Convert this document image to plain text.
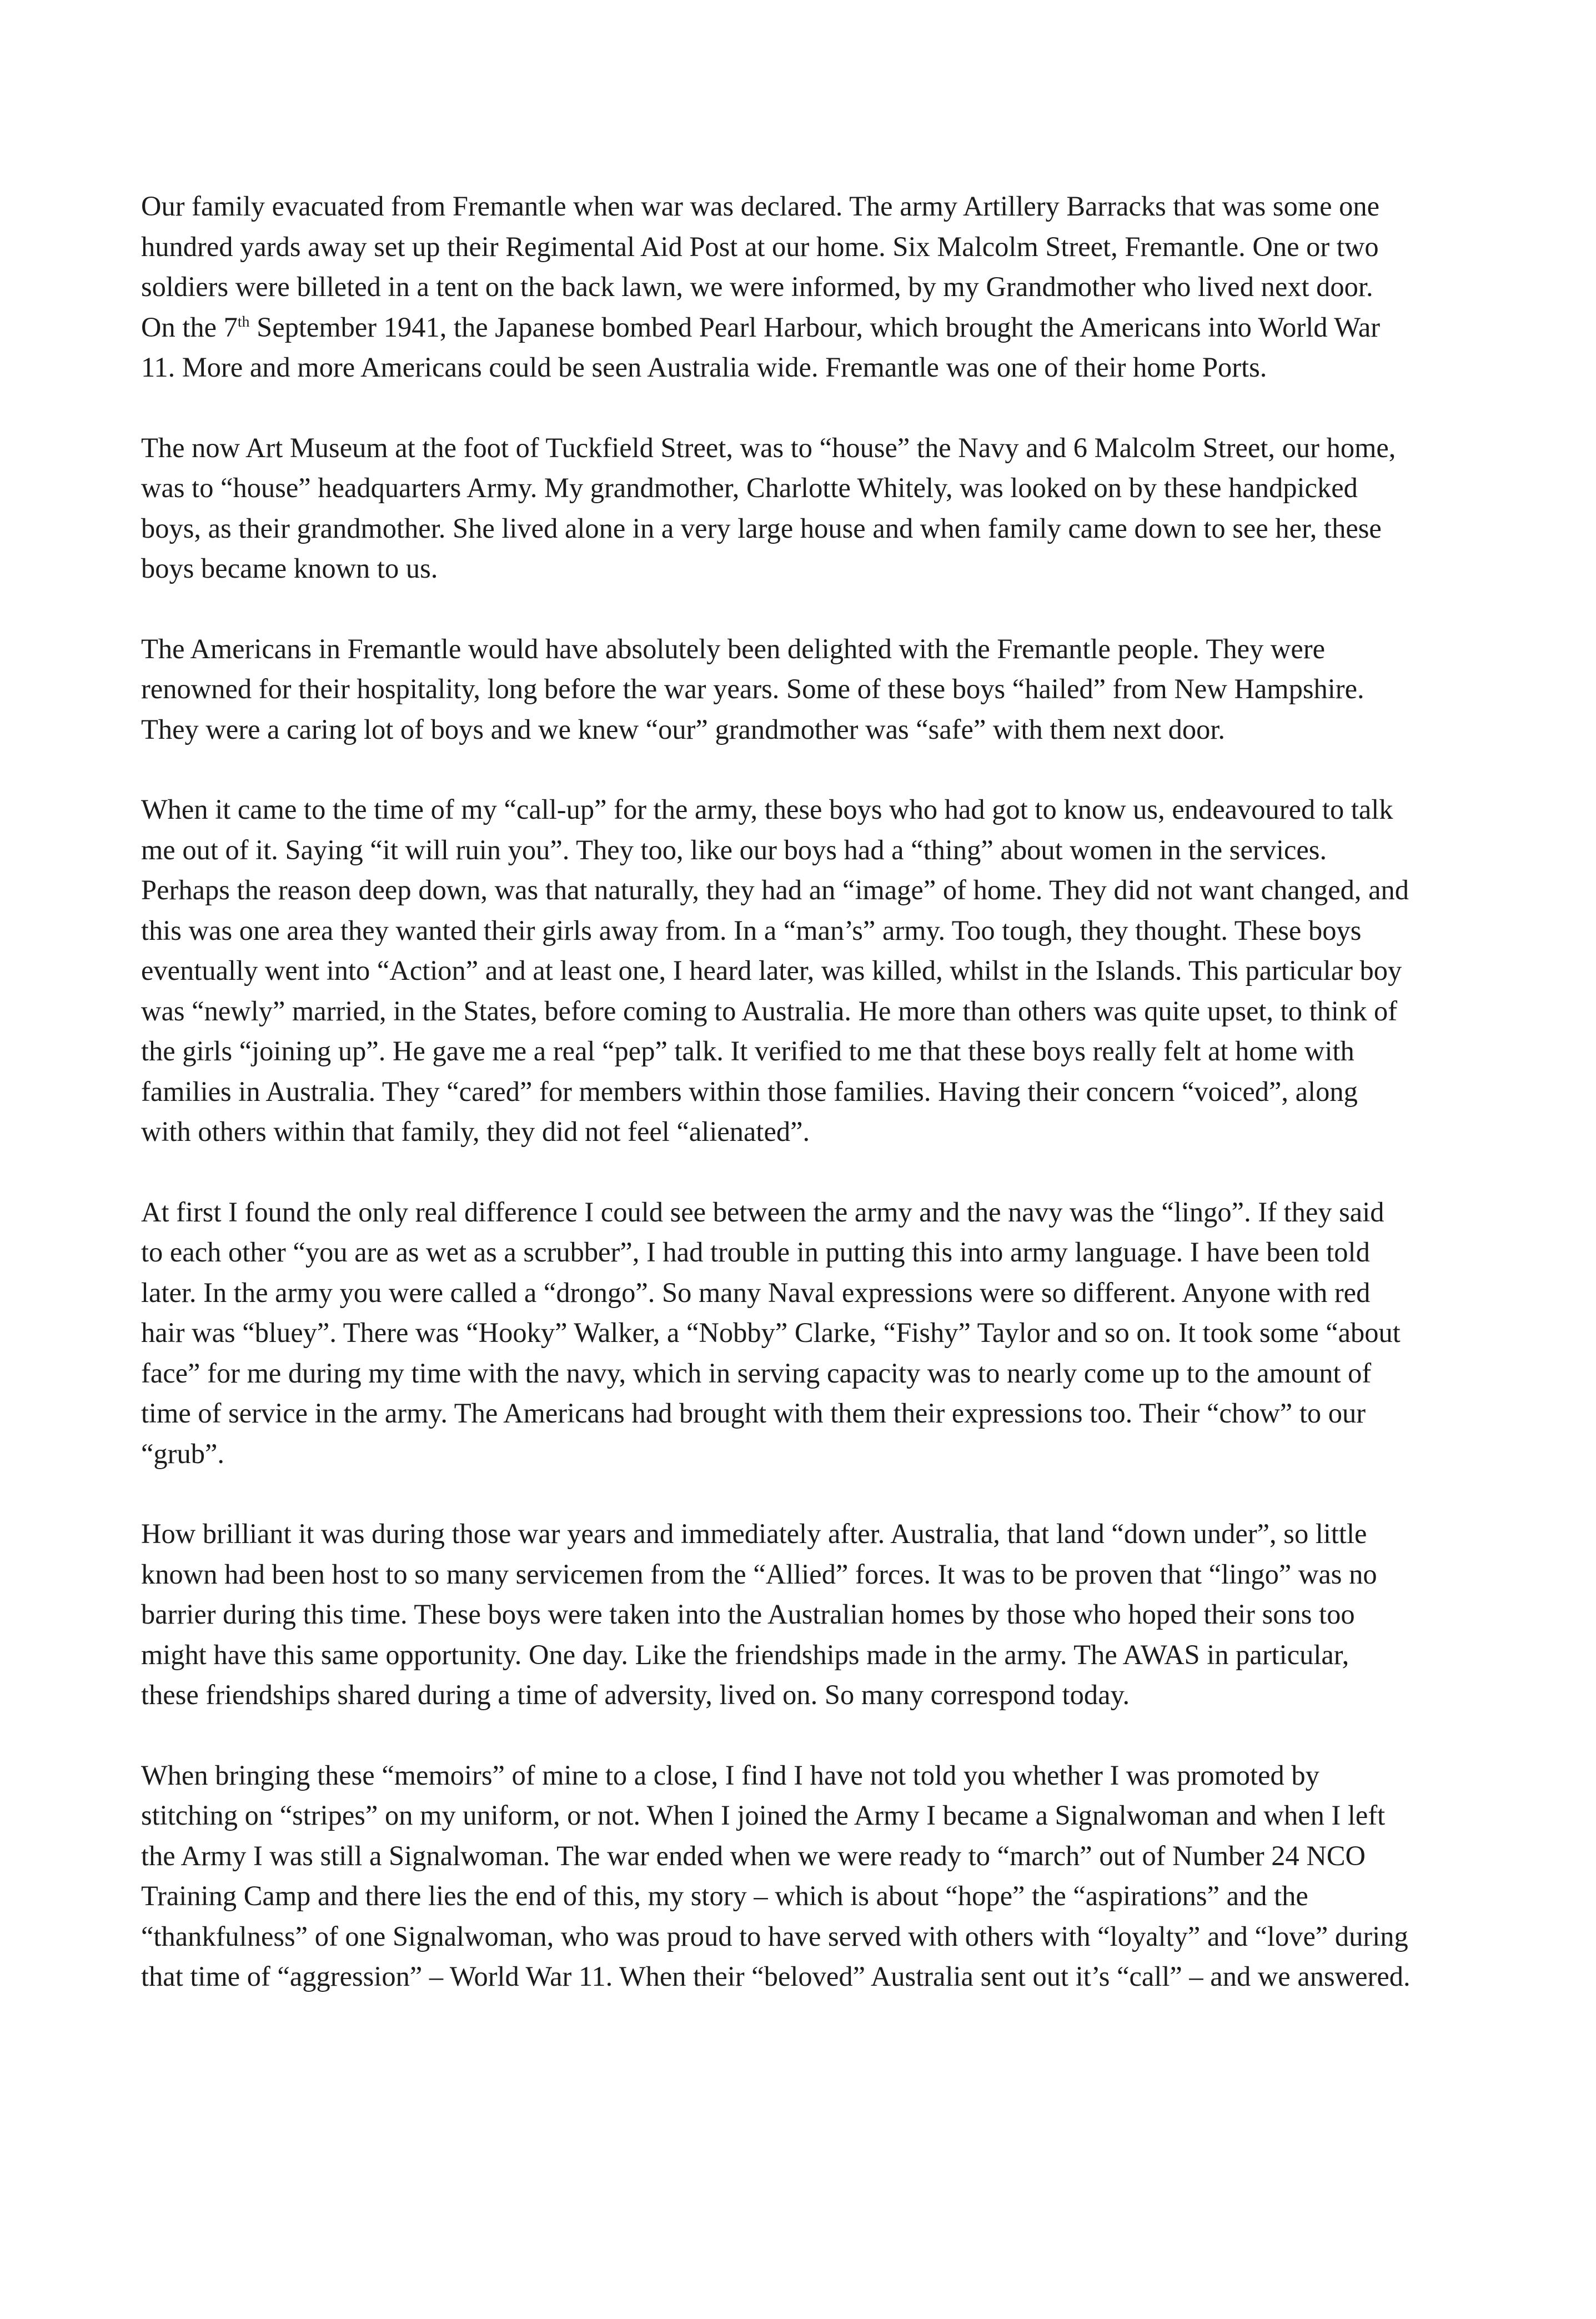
Our family evacuated from Fremantle when war was declared. The army Artillery Barracks that was some one hundred yards away set up their Regimental Aid Post at our home. Six Malcolm Street, Fremantle. One or two soldiers were billeted in a tent on the back lawn, we were informed, by my Grandmother who lived next door. On the 7th September 1941, the Japanese bombed Pearl Harbour, which brought the Americans into World War 11. More and more Americans could be seen Australia wide. Fremantle was one of their home Ports.

The now Art Museum at the foot of Tuckfield Street, was to “house” the Navy and 6 Malcolm Street, our home, was to “house” headquarters Army. My grandmother, Charlotte Whitely, was looked on by these handpicked boys, as their grandmother. She lived alone in a very large house and when family came down to see her, these boys became known to us.

The Americans in Fremantle would have absolutely been delighted with the Fremantle people. They were renowned for their hospitality, long before the war years. Some of these boys “hailed” from New Hampshire. They were a caring lot of boys and we knew “our” grandmother was “safe” with them next door.

When it came to the time of my “call-up” for the army, these boys who had got to know us, endeavoured to talk me out of it. Saying “it will ruin you”. They too, like our boys had a “thing” about women in the services. Perhaps the reason deep down, was that naturally, they had an “image” of home. They did not want changed, and this was one area they wanted their girls away from. In a “man’s” army. Too tough, they thought. These boys eventually went into “Action” and at least one, I heard later, was killed, whilst in the Islands. This particular boy was “newly” married, in the States, before coming to Australia. He more than others was quite upset, to think of the girls “joining up”. He gave me a real “pep” talk. It verified to me that these boys really felt at home with families in Australia. They “cared” for members within those families. Having their concern “voiced”, along with others within that family, they did not feel “alienated”.

At first I found the only real difference I could see between the army and the navy was the “lingo”. If they said to each other “you are as wet as a scrubber”, I had trouble in putting this into army language. I have been told later. In the army you were called a “drongo”. So many Naval expressions were so different. Anyone with red hair was “bluey”. There was “Hooky” Walker, a “Nobby” Clarke, “Fishy” Taylor and so on. It took some “about face” for me during my time with the navy, which in serving capacity was to nearly come up to the amount of time of service in the army. The Americans had brought with them their expressions too. Their “chow” to our “grub”.

How brilliant it was during those war years and immediately after. Australia, that land “down under”, so little known had been host to so many servicemen from the “Allied” forces. It was to be proven that “lingo” was no barrier during this time. These boys were taken into the Australian homes by those who hoped their sons too might have this same opportunity. One day. Like the friendships made in the army. The AWAS in particular, these friendships shared during a time of adversity, lived on. So many correspond today.

When bringing these “memoirs” of mine to a close, I find I have not told you whether I was promoted by stitching on “stripes” on my uniform, or not. When I joined the Army I became a Signalwoman and when I left the Army I was still a Signalwoman. The war ended when we were ready to “march” out of Number 24 NCO Training Camp and there lies the end of this, my story – which is about “hope” the “aspirations” and the “thankfulness” of one Signalwoman, who was proud to have served with others with “loyalty” and “love” during that time of “aggression” – World War 11. When their “beloved” Australia sent out it’s “call” – and we answered.
